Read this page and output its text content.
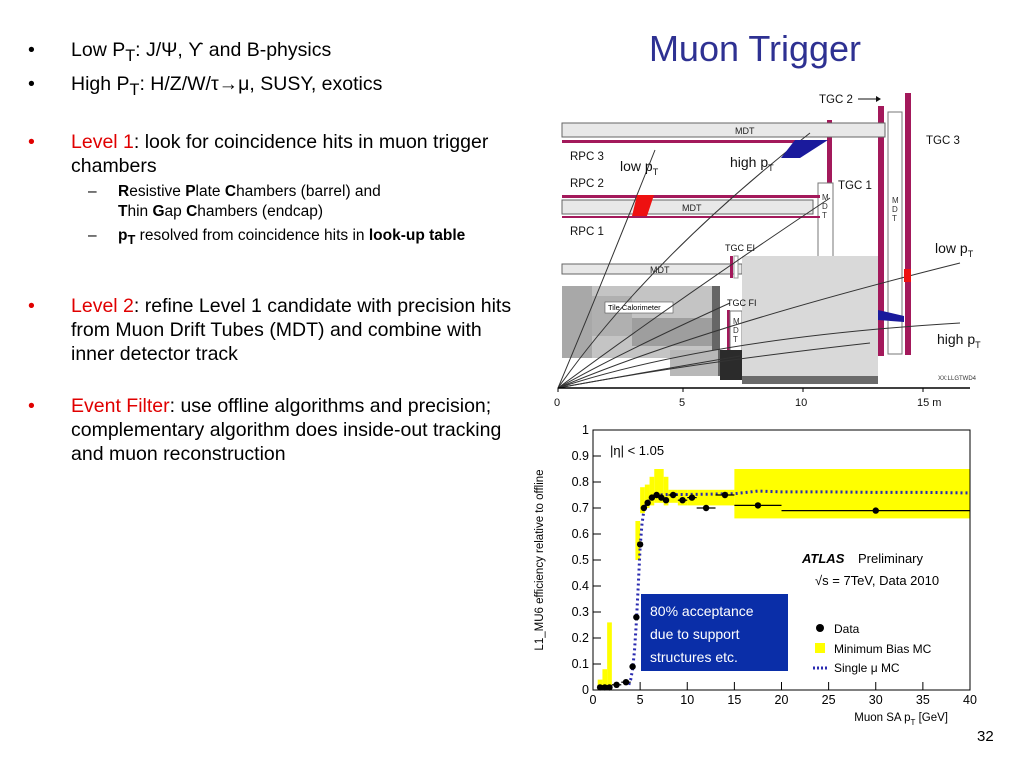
Muon Trigger
•	Low $P_T$: J/Ψ, ϒ and B-physics
•	High $P_T$: H/Z/W/τ→μ, SUSY, exotics
•	Level 1: look for coincidence hits in muon trigger chambers
– Resistive Plate Chambers (barrel) and
Thin Gap Chambers (endcap)
– $p_T$ resolved from coincidence hits in look-up table
•	Level 2: refine Level 1 candidate with precision hits from Muon Drift Tubes (MDT) and combine with inner detector track
•	Event Filter: use offline algorithms and precision; complementary algorithm does inside-out tracking and muon reconstruction
M
D
T
M
D
T
MDT
MDT
MDT
M
D
T
Tile Calorimeter
TGC 2
TGC 3
TGC 1
TGC EI
TGC FI
RPC 3
RPC 2
RPC 1
low $p_T$
high $p_T$
low $p_T$
high $p_T$
XX:LLGTWD4
0	5	10	15 m
0	5	10	15	20	25	30	35	40
0
0.1
0.2
0.3
0.4
0.5
0.6
0.7
0.8
0.9
1
L1_MU6 efficiency relative to offline
Muon SA $p_T$ [GeV]
|η| < 1.05
ATLAS Preliminary
√s = 7TeV, Data 2010
80% acceptance
due to support
structures etc.
Data
Minimum Bias MC
Single μ MC
32
